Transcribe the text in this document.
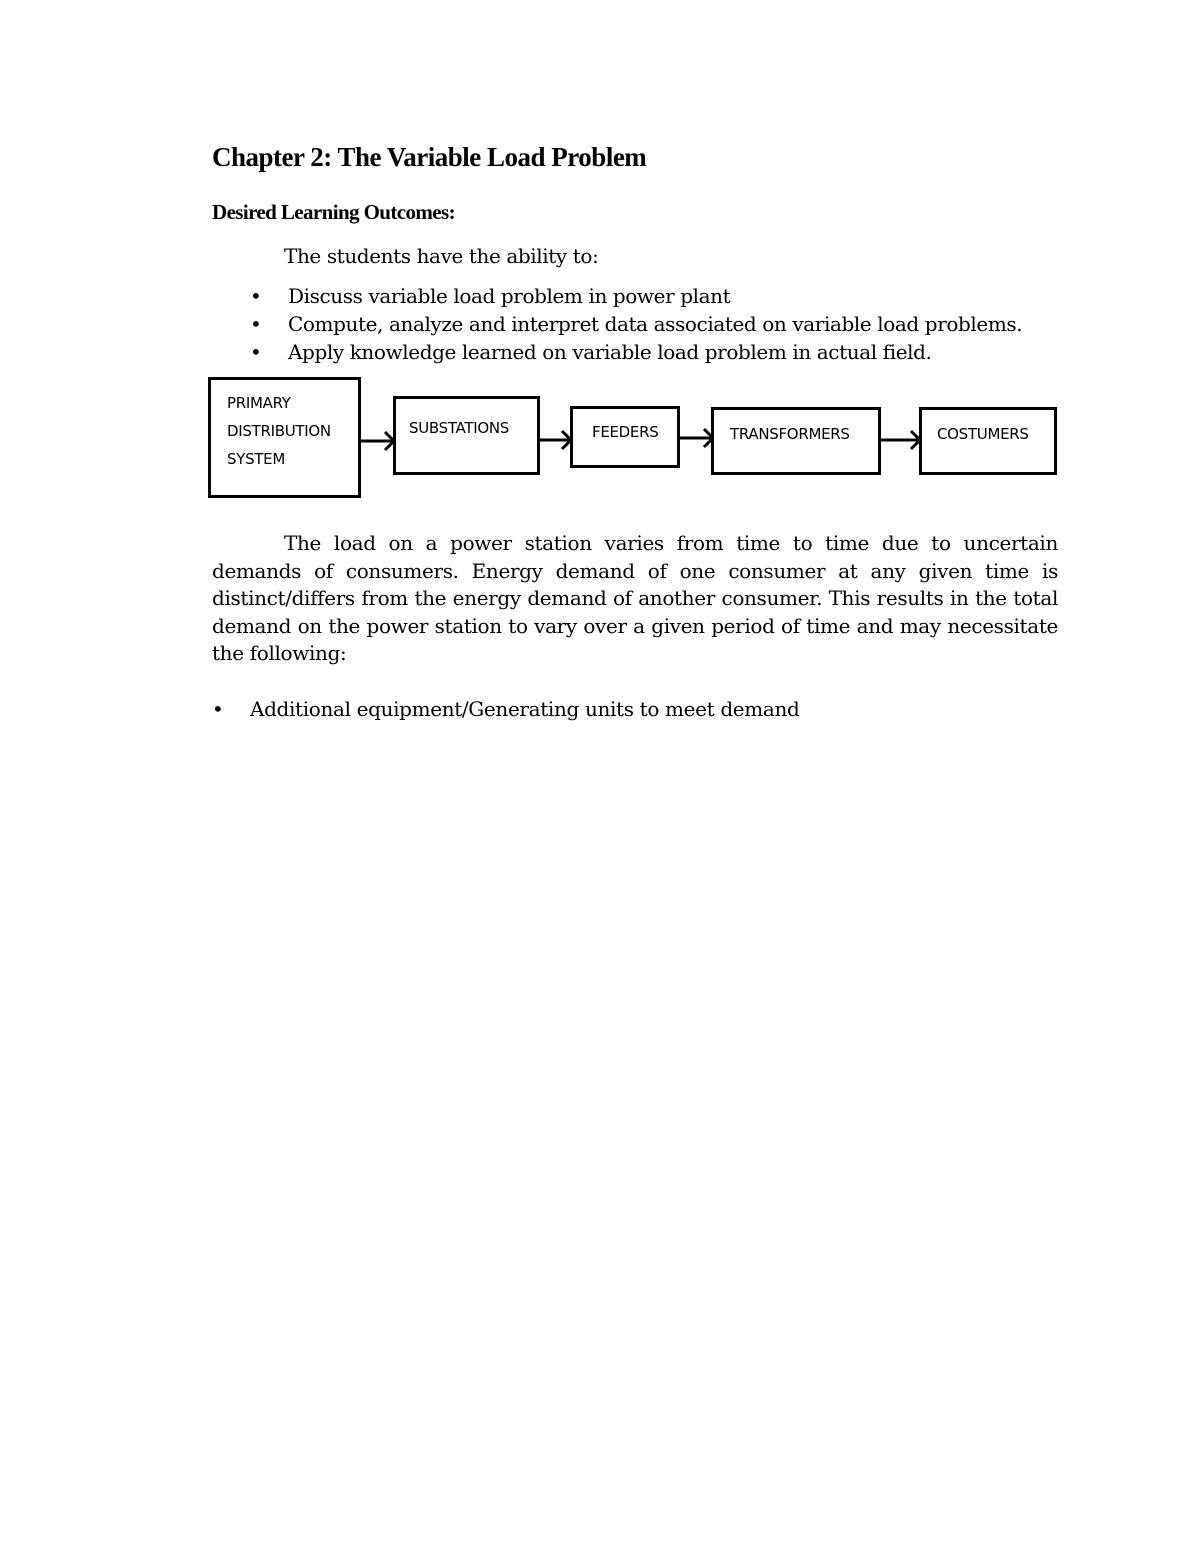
Chapter 2: The Variable Load Problem
Desired Learning Outcomes:
The students have the ability to:
• Discuss variable load problem in power plant
• Compute, analyze and interpret data associated on variable load problems.
• Apply knowledge learned on variable load problem in actual field.
PRIMARY
DISTRIBUTION
SYSTEM
SUBSTATIONS	FEEDERS	TRANSFORMERS	COSTUMERS

The load on a power station varies from time to time due to uncertain demands of consumers. Energy demand of one consumer at any given time is distinct/differs from the energy demand of another consumer. This results in the total demand on the power station to vary over a given period of time and may necessitate the following:

• Additional equipment/Generating units to meet demand
